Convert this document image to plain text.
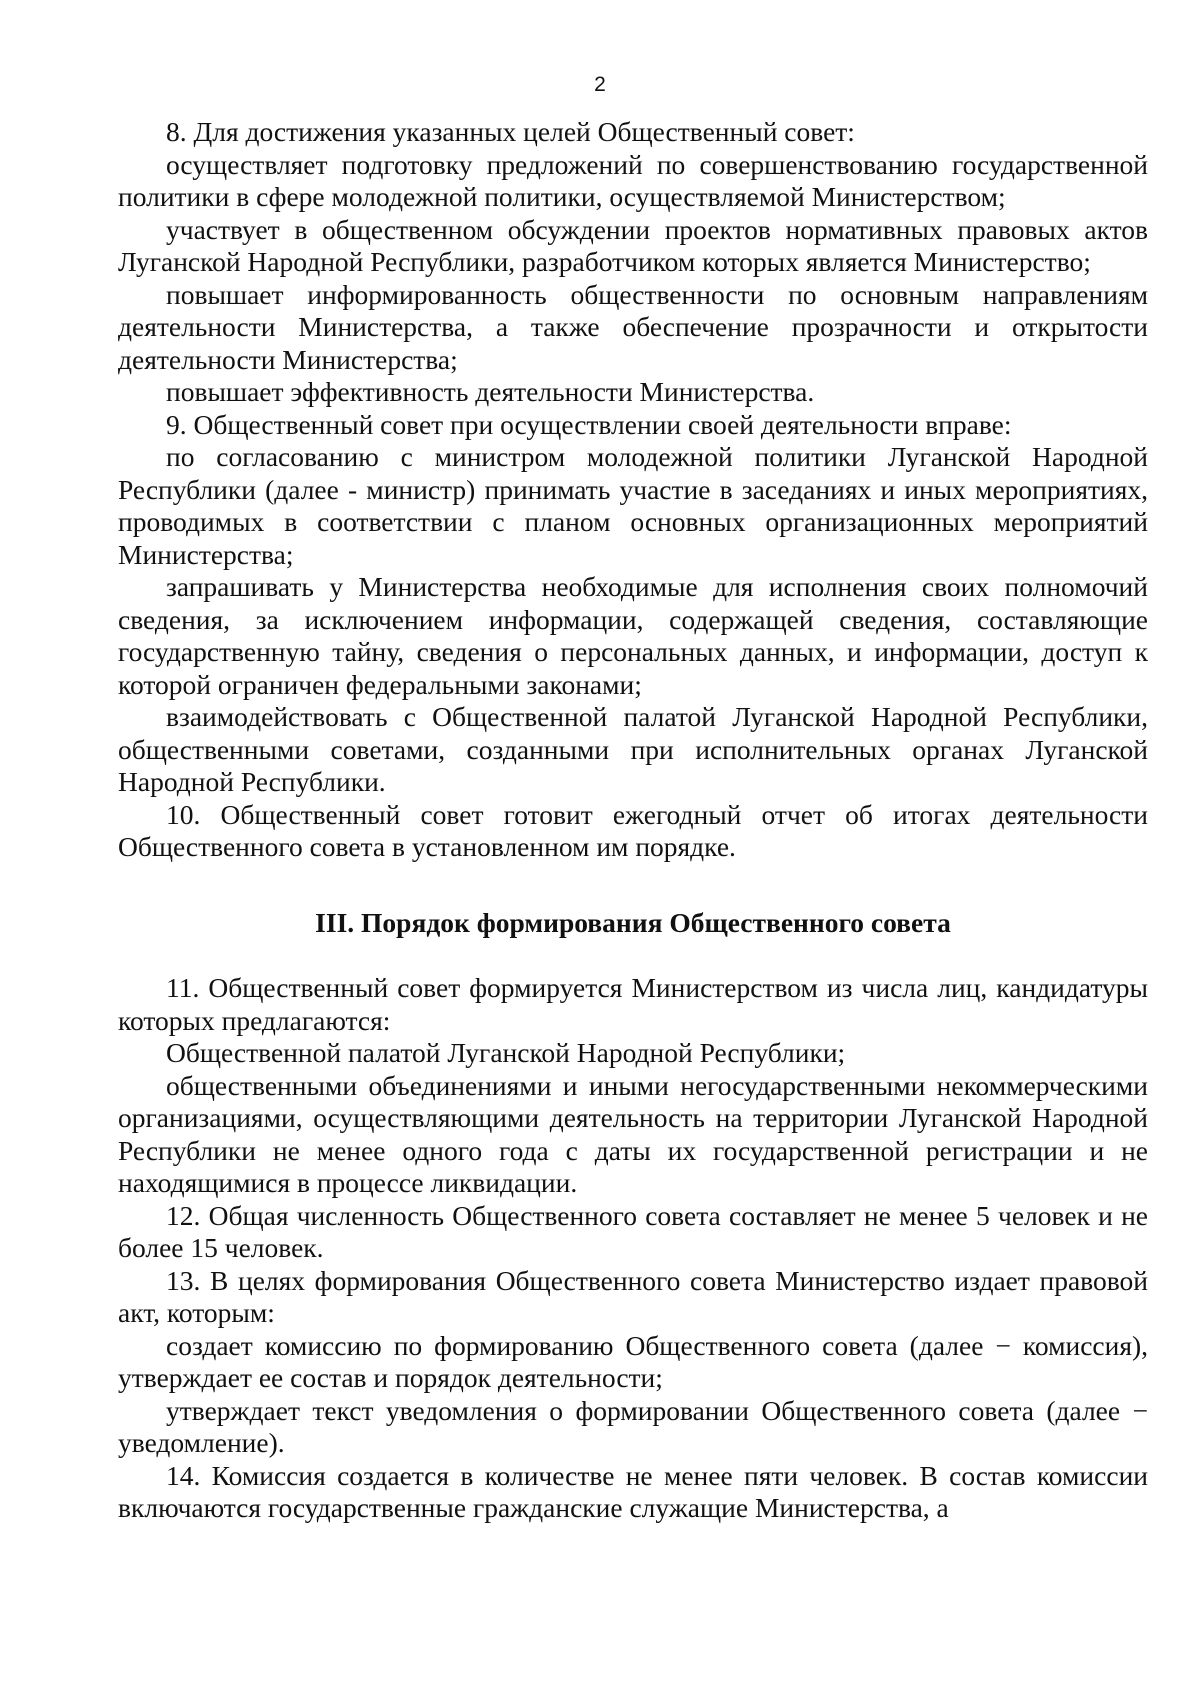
2

8. Для достижения указанных целей Общественный совет:

осуществляет подготовку предложений по совершенствованию государственной политики в сфере молодежной политики, осуществляемой Министерством;

участвует в общественном обсуждении проектов нормативных правовых актов Луганской Народной Республики, разработчиком которых является Министерство;

повышает информированность общественности по основным направлениям деятельности Министерства, а также обеспечение прозрачности и открытости деятельности Министерства;

повышает эффективность деятельности Министерства.

9. Общественный совет при осуществлении своей деятельности вправе:

по согласованию с министром молодежной политики Луганской Народной Республики (далее - министр) принимать участие в заседаниях и иных мероприятиях, проводимых в соответствии с планом основных организационных мероприятий Министерства;

запрашивать у Министерства необходимые для исполнения своих полномочий сведения, за исключением информации, содержащей сведения, составляющие государственную тайну, сведения о персональных данных, и информации, доступ к которой ограничен федеральными законами;

взаимодействовать с Общественной палатой Луганской Народной Республики, общественными советами, созданными при исполнительных органах Луганской Народной Республики.

10. Общественный совет готовит ежегодный отчет об итогах деятельности Общественного совета в установленном им порядке.

III. Порядок формирования Общественного совета

11. Общественный совет формируется Министерством из числа лиц, кандидатуры которых предлагаются:

Общественной палатой Луганской Народной Республики;

общественными объединениями и иными негосударственными некоммерческими организациями, осуществляющими деятельность на территории Луганской Народной Республики не менее одного года с даты их государственной регистрации и не находящимися в процессе ликвидации.

12. Общая численность Общественного совета составляет не менее 5 человек и не более 15 человек.

13. В целях формирования Общественного совета Министерство издает правовой акт, которым:

создает комиссию по формированию Общественного совета (далее − комиссия), утверждает ее состав и порядок деятельности;

утверждает текст уведомления о формировании Общественного совета (далее − уведомление).

14. Комиссия создается в количестве не менее пяти человек. В состав комиссии включаются государственные гражданские служащие Министерства, а
